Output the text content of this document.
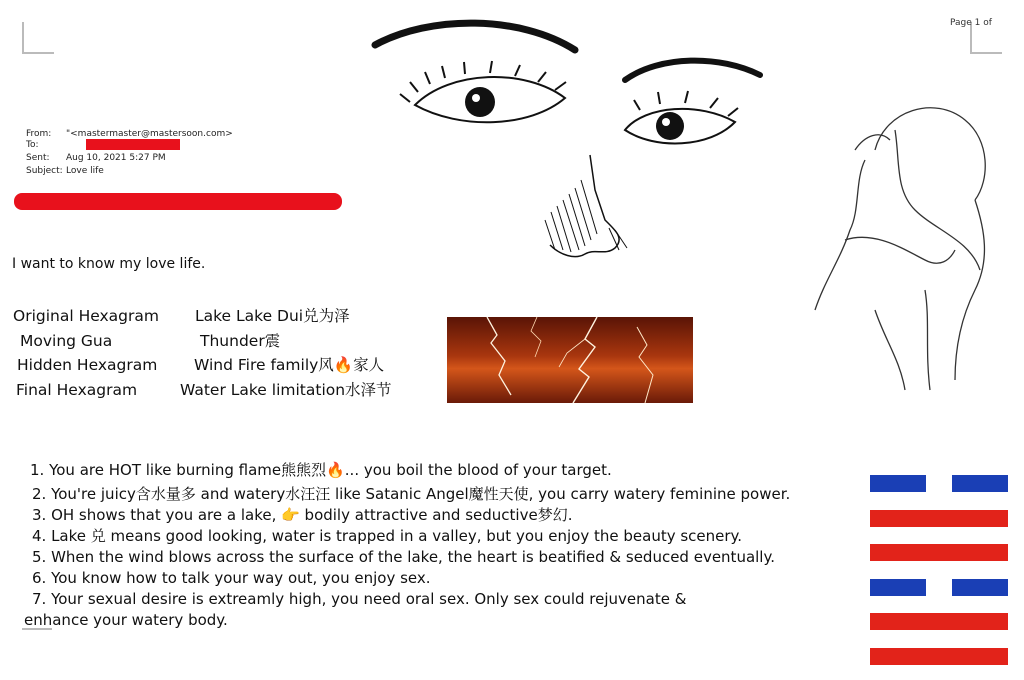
Page 1 of
From: "<mastermaster@mastersoon.com>
To:
Sent:	Aug 10, 2021 5:27 PM
Subject: Love life
I want to know my love life.
Original Hexagram	Lake Lake Dui兑为泽
Moving Gua	Thunder震
Hidden Hexagram	Wind Fire family风🔥家人
Final Hexagram	Water Lake limitation水泽节
1. You are HOT like burning flame熊熊烈🔥... you boil the blood of your target.
2. You're juicy含水量多 and watery水汪汪 like Satanic Angel魔性天使, you carry watery feminine power.
3. OH shows that you are a lake, 👉 bodily attractive and seductive梦幻.
4. Lake 兑 means good looking, water is trapped in a valley, but you enjoy the beauty scenery.
5. When the wind blows across the surface of the lake, the heart is beatified & seduced eventually.
6. You know how to talk your way out, you enjoy sex.
7. Your sexual desire is extreamly high, you need oral sex. Only sex could rejuvenate &
enhance your watery body.
